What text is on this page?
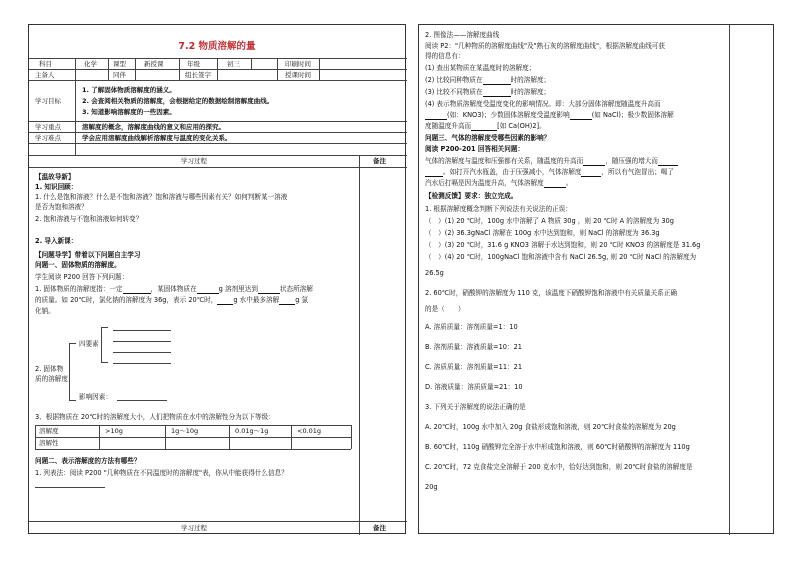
7.2 物质溶解的量
科目	化学 课型	新授课	年级	初三	印刷时间
主备人	同伴	组长签字	授课时间
学习目标
1. 了解固体物质溶解度的涵义。
2. 会查阅相关物质的溶解度，会根据给定的数据绘制溶解度曲线。
3. 知道影响溶解度的一些因素。
学习重点	溶解度的概念，溶解度曲线的意义和应用的探究。
学习难点	学会应用溶解度曲线解析溶解度与温度的变化关系。
学习过程	备注
【温故导新】
1. 知识回顾：
1. 什么是饱和溶液？什么是不饱和溶液？饱和溶液与哪些因素有关？如何判断某一溶液
是否为饱和溶液？
2. 饱和溶液与不饱和溶液如何转变？
2. 导入新课：
【问题导学】带着以下问题自主学习
问题一、固体物质的溶解度。
学生阅读 P200 回答下列问题：
1. 固体物质的溶解度指：一定	，某固体物质在	g 溶剂里达到	状态所溶解
的质量。如 20℃时，氯化钠的溶解度为 36g，表示 20℃时， g 水中最多溶解 g 氯
化钠。
四要素
2. 固体物
质的溶解度
影响因素：
3、根据物质在 20℃时的溶解度大小，人们把物质在水中的溶解性分为以下等级：
溶解度	>10g	1g～10g	0.01g～1g	<0.01g
溶解性
问题二、表示溶解度的方法有哪些？
1. 列表法：阅读 P200 "几种物质在不同温度时的溶解度"表，你从中能获得什么信息？
学习过程	备注
2. 图像法——溶解度曲线
阅读 P2："几种物质的溶解度曲线"及"熟石灰的溶解度曲线"，根据溶解度曲线可获
得的信息有：
(1) 查出某物质在某温度时的溶解度；
(2) 比较同种物质在	时的溶解度；
(3) 比较不同物质在	时的溶解度；
(4) 表示物质溶解度受温度变化的影响情况。即：大部分固体溶解度随温度升高而
(如：KNO3)；少数固体溶解度受温度影响	(如 NaCl)；极少数固体溶解
度随温度升高而	[如 Ca(OH)2]。
问题三、气体的溶解度受哪些因素的影响？
阅读 P200-201 回答相关问题：
气体的溶解度与温度和压强都有关系，随温度的升高而	，随压强的增大而
。如打开汽水瓶盖，由于压强减小，气体溶解度	，所以有气泡冒出；喝了
汽水后打嗝是因为温度升高，气体溶解度	。
【检测反馈】要求：独立完成。
1. 根据溶解度概念判断下列说法有关说法的正误：
（　）(1) 20 ℃时，100g 水中溶解了 A 物质 30g ，则 20 ℃时 A 的溶解度为 30g
（　）(2) 36.3gNaCl 溶解在 100g 水中达到饱和，则 NaCl 的溶解度为 36.3g
（　）(3) 20 ℃时，31.6 g KNO3 溶解于水达到饱和，则 20 ℃时 KNO3 的溶解度是 31.6g
（　）(4) 20 ℃时，100gNaCl 饱和溶液中含有 NaCl 26.5g, 则 20 ℃时 NaCl 的溶解度为
26.5g
2. 60℃时，硝酸钾的溶解度为 110 克，该温度下硝酸钾饱和溶液中有关质量关系正确
的是（　　）
A. 溶质质量：溶剂质量=1：10
B. 溶剂质量：溶液质量=10：21
C. 溶质质量：溶剂质量=11：21
D. 溶液质量：溶质质量=21：10
3. 下列关于溶解度的说法正确的是
A. 20℃时，100g 水中加入 20g 食盐形成饱和溶液，则 20℃时食盐的溶解度为 20g
B. 60℃时，110g 硝酸钾完全溶于水中形成饱和溶液，则 60℃时硝酸钾的溶解度为 110g
C. 20℃时，72 克食盐完全溶解于 200 克水中，恰好达到饱和，则 20℃时食盐的溶解度是
20g
